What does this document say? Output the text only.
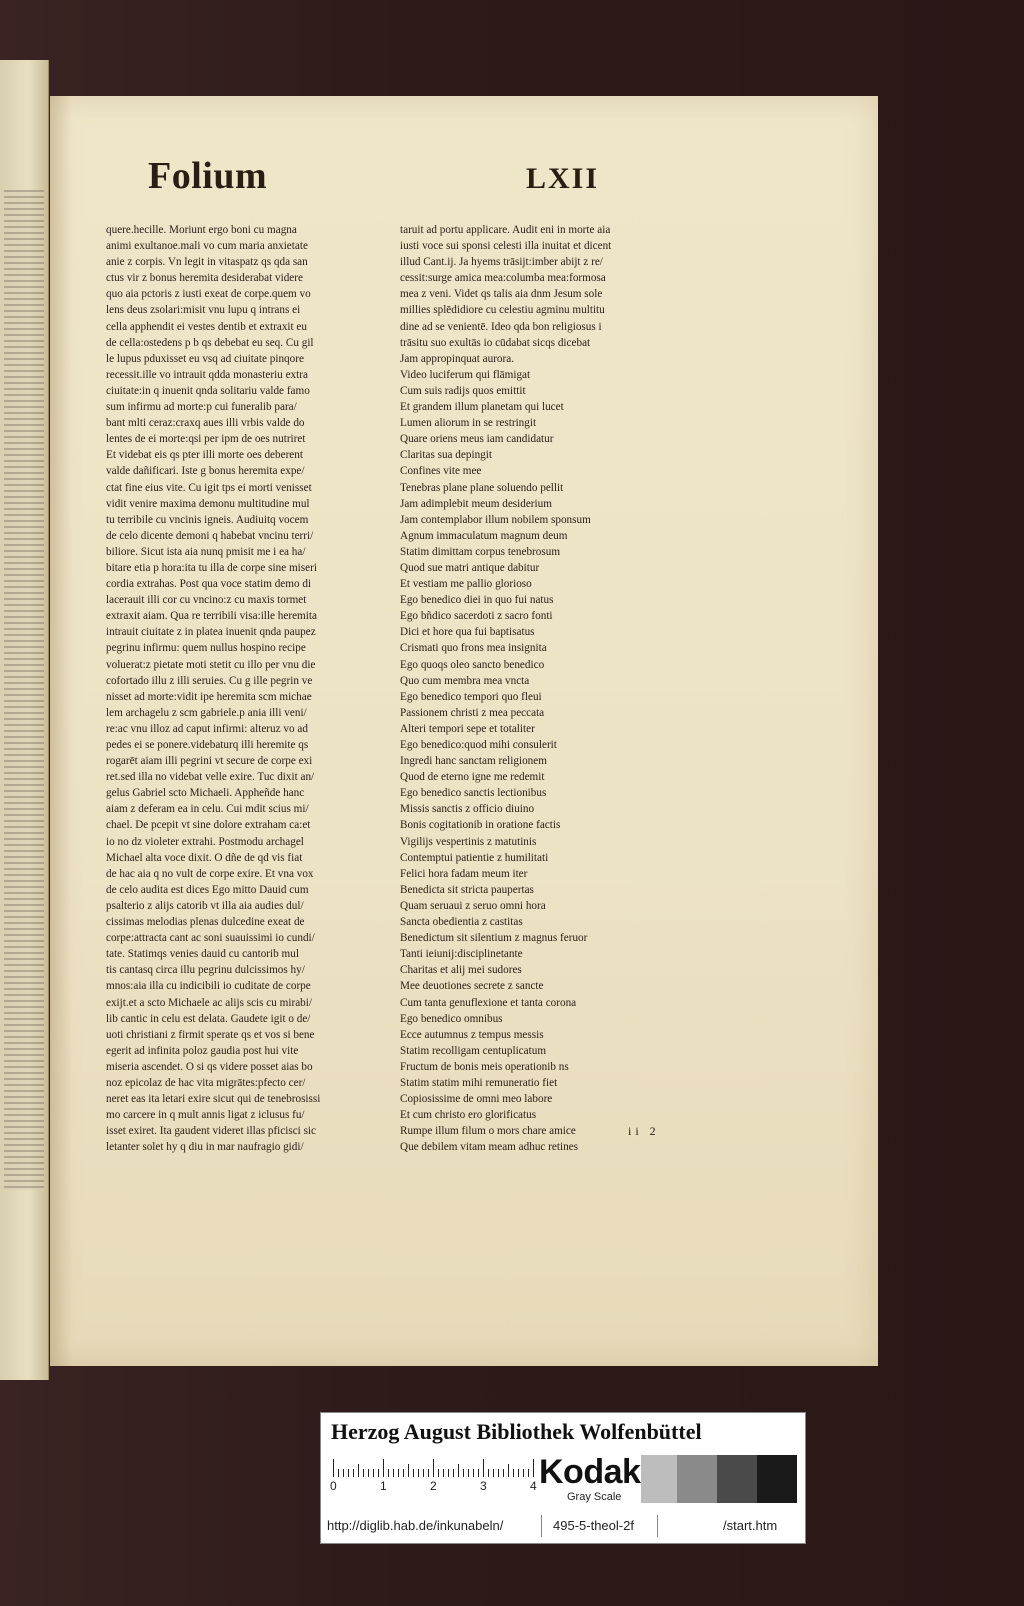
Folium	LXII
quere.hecille. Moriunt ergo boni cu magna
animi exultanoe.mali vo cum maria anxietate
anie z corpis. Vn legit in vitaspatz qs qda san
ctus vir z bonus heremita desiderabat videre
quo aia pctoris z iusti exeat de corpe.quem vo
lens deus zsolari:misit vnu lupu q intrans ei
cella apphendit ei vestes dentib et extraxit eu
de cella:ostedens p b qs debebat eu seq. Cu gil
le lupus pduxisset eu vsq ad ciuitate pinqore
recessit.ille vo intrauit qdda monasteriu extra
ciuitate:in q inuenit qnda solitariu valde famo
sum infirmu ad morte:p cui funeralib para/
bant mlti ceraz:craxq aues illi vrbis valde do
lentes de ei morte:qsi per ipm de oes nutriret
Et videbat eis qs pter illi morte oes deberent
valde dañificari. Iste g bonus heremita expe/
ctat fine eius vite. Cu igit tps ei morti venisset
vidit venire maxima demonu multitudine mul
tu terribile cu vncinis igneis. Audiuitq vocem
de celo dicente demoni q habebat vncinu terri/
biliore. Sicut ista aia nunq pmisit me i ea ha/
bitare etia p hora:ita tu illa de corpe sine miseri
cordia extrahas. Post qua voce statim demo di
lacerauit illi cor cu vncino:z cu maxis tormet
extraxit aiam. Qua re terribili visa:ille heremita
intrauit ciuitate z in platea inuenit qnda paupez
pegrinu infirmu: quem nullus hospino recipe
voluerat:z pietate moti stetit cu illo per vnu die
cofortado illu z illi seruies. Cu g ille pegrin ve
nisset ad morte:vidit ipe heremita scm michae
lem archagelu z scm gabriele.p ania illi veni/
re:ac vnu illoz ad caput infirmi: alteruz vo ad
pedes ei se ponere.videbaturq illi heremite qs
rogarēt aiam illi pegrini vt secure de corpe exi
ret.sed illa no videbat velle exire. Tuc dixit an/
gelus Gabriel scto Michaeli. Appheñde hanc
aiam z deferam ea in celu. Cui mdit scius mi/
chael. De pcepit vt sine dolore extraham ca:et
io no dz violeter extrahi. Postmodu archagel
Michael alta voce dixit. O dñe de qd vis fiat
de hac aia q no vult de corpe exire. Et vna vox
de celo audita est dices Ego mitto Dauid cum
psalterio z alijs catorib vt illa aia audies dul/
cissimas melodias plenas dulcedine exeat de
corpe:attracta cant ac soni suauissimi io cundi/
tate. Statimqs venies dauid cu cantorib mul
tis cantasq circa illu pegrinu dulcissimos hy/
mnos:aia illa cu indicibili io cuditate de corpe
exijt.et a scto Michaele ac alijs scis cu mirabi/
lib cantic in celu est delata. Gaudete igit o de/
uoti christiani z firmit sperate qs et vos si bene
egerit ad infinita poloz gaudia post hui vite
miseria ascendet. O si qs videre posset aias bo
noz epicolaz de hac vita migrātes:pfecto cer/
neret eas ita letari exire sicut qui de tenebrosissi
mo carcere in q mult annis ligat z iclusus fu/
isset exiret. Ita gaudent videret illas pficisci sic
letanter solet hy q diu in mar naufragio gidi/
taruit ad portu applicare. Audit eni in morte aia
iusti voce sui sponsi celesti illa inuitat et dicent
illud Cant.ij. Ja hyems trāsijt:imber abijt z re/
cessit:surge amica mea:columba mea:formosa
mea z veni. Videt qs talis aia dnm Jesum sole
millies splēdidiore cu celestiu agminu multitu
dine ad se venientē. Ideo qda bon religiosus i
trāsitu suo exultās io cūdabat sicqs dicebat
Jam appropinquat aurora.
Video luciferum qui flāmigat
Cum suis radijs quos emittit
Et grandem illum planetam qui lucet
Lumen aliorum in se restringit
Quare oriens meus iam candidatur
Claritas sua depingit
Confines vite mee
Tenebras plane plane soluendo pellit
Jam adimplebit meum desiderium
Jam contemplabor illum nobilem sponsum
Agnum immaculatum magnum deum
Statim dimittam corpus tenebrosum
Quod sue matri antique dabitur
Et vestiam me pallio glorioso
Ego benedico diei in quo fui natus
Ego bñdico sacerdoti z sacro fonti
Dici et hore qua fui baptisatus
Crismati quo frons mea insignita
Ego quoqs oleo sancto benedico
Quo cum membra mea vncta
Ego benedico tempori quo fleui
Passionem christi z mea peccata
Alteri tempori sepe et totaliter
Ego benedico:quod mihi consulerit
Ingredi hanc sanctam religionem
Quod de eterno igne me redemit
Ego benedico sanctis lectionibus
Missis sanctis z officio diuino
Bonis cogitationib in oratione factis
Vigilijs vespertinis z matutinis
Contemptui patientie z humilitati
Felici hora fadam meum iter
Benedicta sit stricta paupertas
Quam seruaui z seruo omni hora
Sancta obedientia z castitas
Benedictum sit silentium z magnus feruor
Tanti ieiunij:disciplinetante
Charitas et alij mei sudores
Mee deuotiones secrete z sancte
Cum tanta genuflexione et tanta corona
Ego benedico omnibus
Ecce autumnus z tempus messis
Statim recolligam centuplicatum
Fructum de bonis meis operationib ns
Statim statim mihi remuneratio fiet
Copiosissime de omni meo labore
Et cum christo ero glorificatus
Rumpe illum filum o mors chare amice
Que debilem vitam meam adhuc retines
ii 2
Herzog August Bibliothek Wolfenbüttel
0	1	2	3	4 Kodak
Gray Scale
http://diglib.hab.de/inkunabeln/	495-5-theol-2f	/start.htm
